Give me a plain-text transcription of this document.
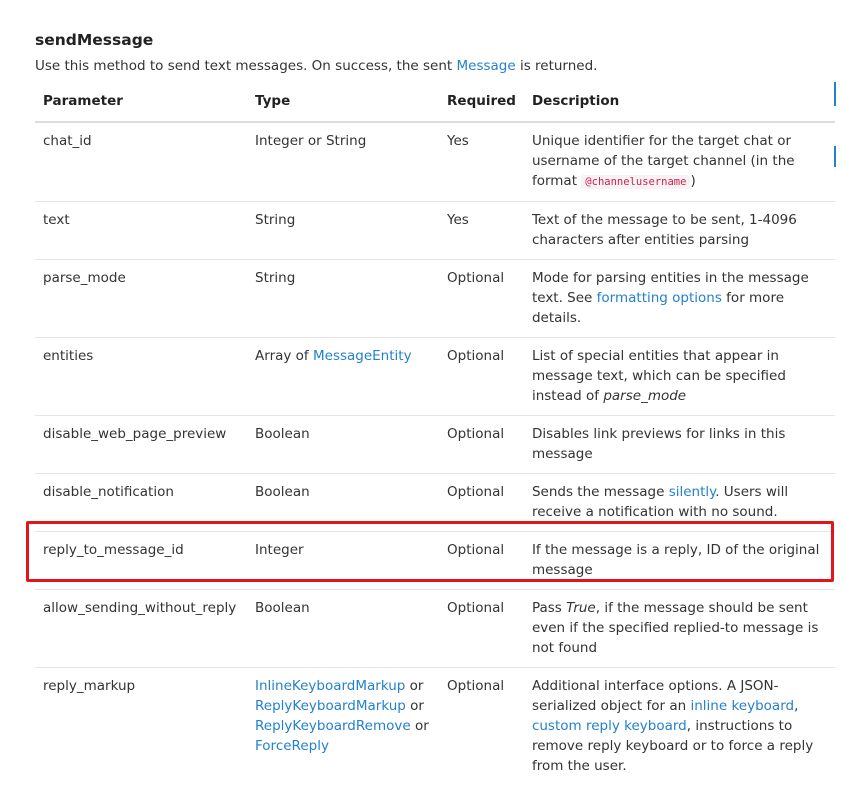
sendMessage

Use this method to send text messages. On success, the sent Message is returned.

Parameter	Type	Required	Description
chat_id	Integer or String	Yes	Unique identifier for the target chat or username of the target channel (in the format @channelusername )
text	String	Yes	Text of the message to be sent, 1-4096 characters after entities parsing
parse_mode	String	Optional	Mode for parsing entities in the message text. See formatting options for more details.
entities	Array of MessageEntity	Optional	List of special entities that appear in message text, which can be specified instead of parse_mode
disable_web_page_preview	Boolean	Optional	Disables link previews for links in this message
disable_notification	Boolean	Optional	Sends the message silently. Users will receive a notification with no sound.
reply_to_message_id	Integer	Optional	If the message is a reply, ID of the original message
allow_sending_without_reply	Boolean	Optional	Pass True, if the message should be sent even if the specified replied-to message is not found
reply_markup	InlineKeyboardMarkup or
ReplyKeyboardMarkup or
ReplyKeyboardRemove or
ForceReply	Optional	Additional interface options. A JSON-serialized object for an inline keyboard, custom reply keyboard, instructions to remove reply keyboard or to force a reply from the user.
